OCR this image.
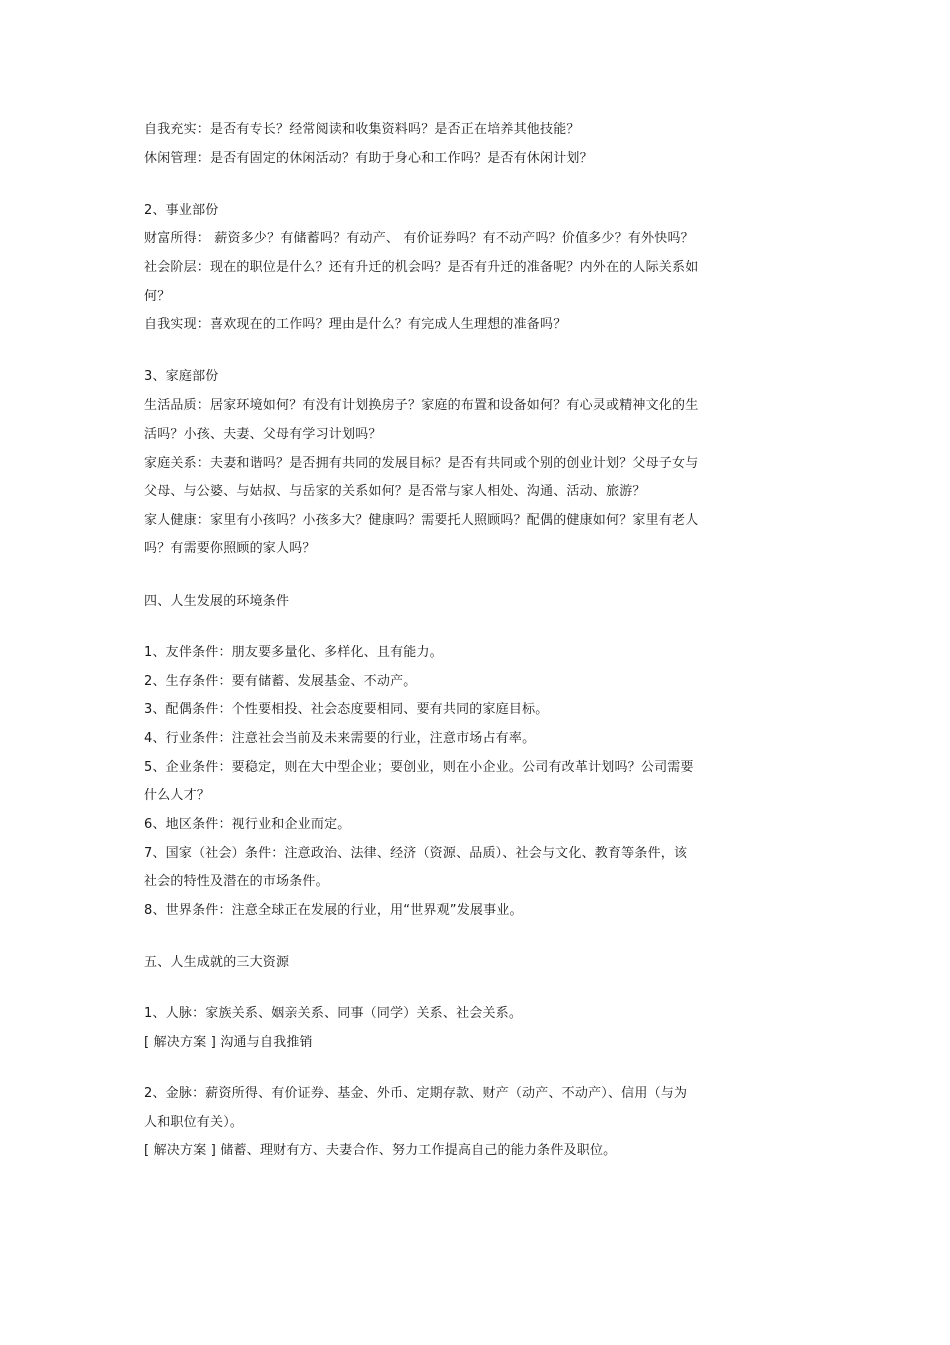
自我充实：是否有专长？经常阅读和收集资料吗？是否正在培养其他技能？
休闲管理：是否有固定的休闲活动？有助于身心和工作吗？是否有休闲计划？
2、事业部份
财富所得： 薪资多少？有储蓄吗？有动产、 有价证券吗？有不动产吗？价值多少？有外快吗？
社会阶层：现在的职位是什么？还有升迁的机会吗？是否有升迁的准备呢？内外在的人际关系如
何？
自我实现：喜欢现在的工作吗？理由是什么？有完成人生理想的准备吗？
3、家庭部份
生活品质：居家环境如何？有没有计划换房子？家庭的布置和设备如何？有心灵或精神文化的生
活吗？小孩、夫妻、父母有学习计划吗？
家庭关系：夫妻和谐吗？是否拥有共同的发展目标？是否有共同或个别的创业计划？父母子女与
父母、与公婆、与姑叔、与岳家的关系如何？是否常与家人相处、沟通、活动、旅游？
家人健康：家里有小孩吗？小孩多大？健康吗？需要托人照顾吗？配偶的健康如何？家里有老人
吗？有需要你照顾的家人吗？
四、人生发展的环境条件
1、友伴条件：朋友要多量化、多样化、且有能力。
2、生存条件：要有储蓄、发展基金、不动产。
3、配偶条件：个性要相投、社会态度要相同、要有共同的家庭目标。
4、行业条件：注意社会当前及未来需要的行业，注意市场占有率。
5、企业条件：要稳定，则在大中型企业；要创业，则在小企业。公司有改革计划吗？公司需要
什么人才？
6、地区条件：视行业和企业而定。
7、国家（社会）条件：注意政治、法律、经济（资源、品质）、社会与文化、教育等条件，该
社会的特性及潜在的市场条件。
8、世界条件：注意全球正在发展的行业，用“世界观”发展事业。
五、人生成就的三大资源
1、人脉：家族关系、姻亲关系、同事（同学）关系、社会关系。
[ 解决方案 ] 沟通与自我推销
2、金脉：薪资所得、有价证券、基金、外币、定期存款、财产（动产、不动产）、信用（与为
人和职位有关）。
[ 解决方案 ] 储蓄、理财有方、夫妻合作、努力工作提高自己的能力条件及职位。
